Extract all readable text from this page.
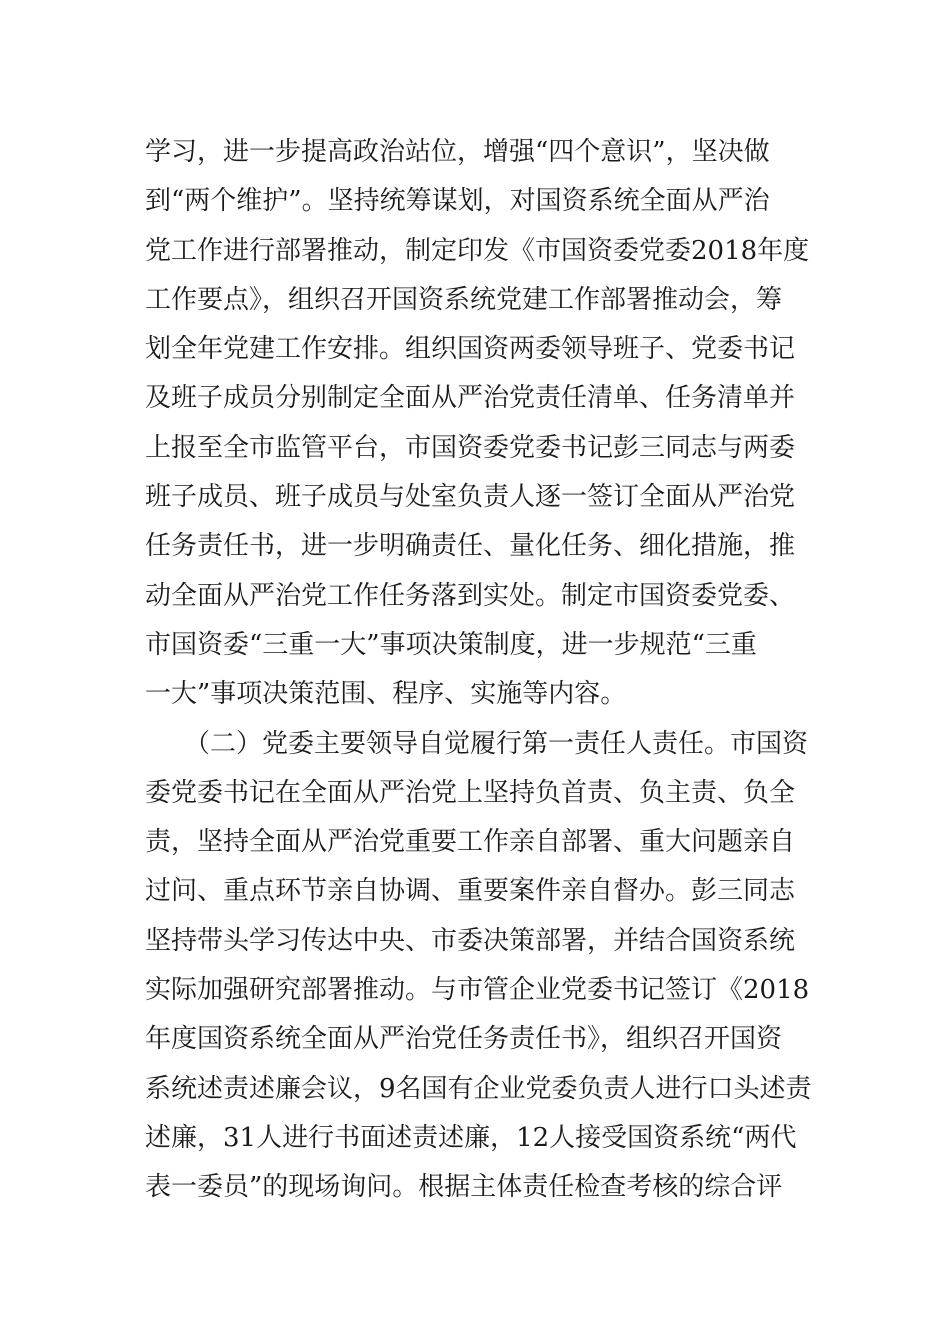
学习，进一步提高政治站位，增强“四个意识”，坚决做
到“两个维护”。坚持统筹谋划，对国资系统全面从严治
党工作进行部署推动，制定印发《市国资委党委2018年度
工作要点》，组织召开国资系统党建工作部署推动会，筹
划全年党建工作安排。组织国资两委领导班子、党委书记
及班子成员分别制定全面从严治党责任清单、任务清单并
上报至全市监管平台，市国资委党委书记彭三同志与两委
班子成员、班子成员与处室负责人逐一签订全面从严治党
任务责任书，进一步明确责任、量化任务、细化措施，推
动全面从严治党工作任务落到实处。制定市国资委党委、
市国资委“三重一大”事项决策制度，进一步规范“三重
一大”事项决策范围、程序、实施等内容。
　　（二）党委主要领导自觉履行第一责任人责任。市国资
委党委书记在全面从严治党上坚持负首责、负主责、负全
责，坚持全面从严治党重要工作亲自部署、重大问题亲自
过问、重点环节亲自协调、重要案件亲自督办。彭三同志
坚持带头学习传达中央、市委决策部署，并结合国资系统
实际加强研究部署推动。与市管企业党委书记签订《2018
年度国资系统全面从严治党任务责任书》，组织召开国资
系统述责述廉会议，9名国有企业党委负责人进行口头述责
述廉，31人进行书面述责述廉，12人接受国资系统“两代
表一委员”的现场询问。根据主体责任检查考核的综合评
